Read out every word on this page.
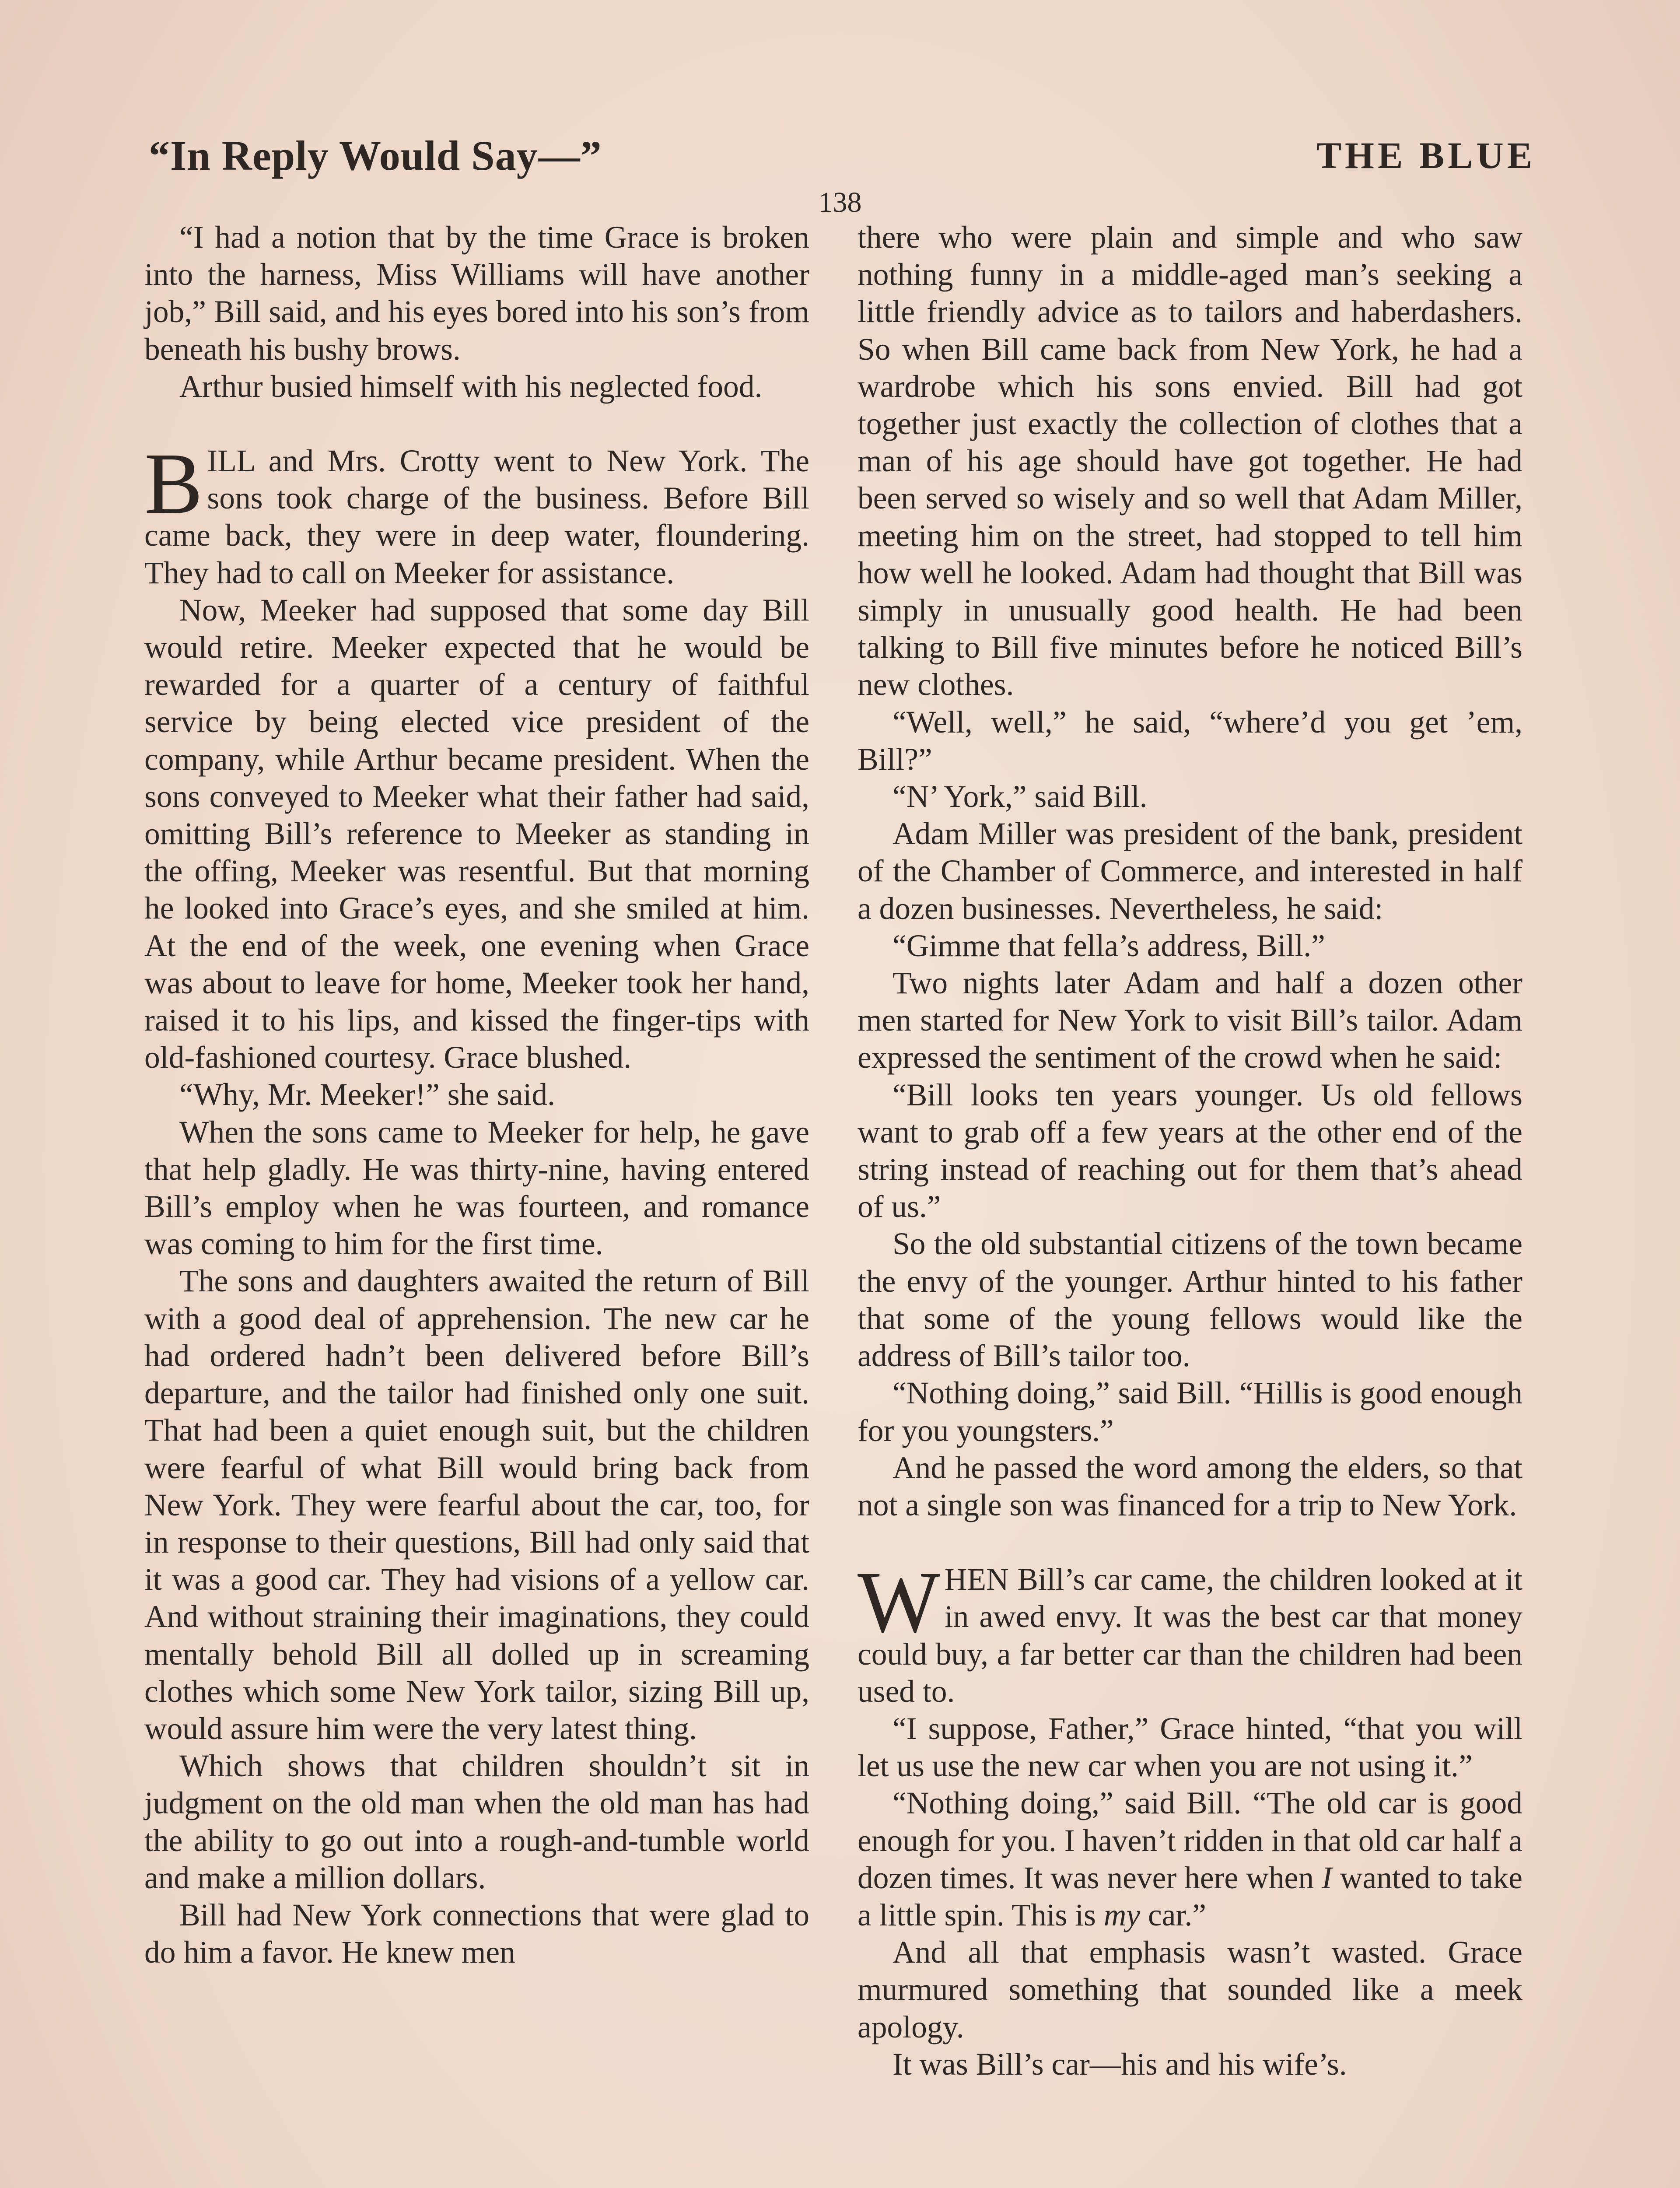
“In Reply Would Say—”	THE BLUE
138

“I had a notion that by the time Grace is broken into the harness, Miss Williams will have another job,” Bill said, and his eyes bored into his son’s from beneath his bushy brows.

Arthur busied himself with his neglected food.

BILL and Mrs. Crotty went to New York. The sons took charge of the business. Before Bill came back, they were in deep water, floundering. They had to call on Meeker for assistance.

Now, Meeker had supposed that some day Bill would retire. Meeker expected that he would be rewarded for a quarter of a century of faithful service by being elected vice president of the company, while Arthur became president. When the sons conveyed to Meeker what their father had said, omitting Bill’s reference to Meeker as standing in the offing, Meeker was resentful. But that morning he looked into Grace’s eyes, and she smiled at him. At the end of the week, one evening when Grace was about to leave for home, Meeker took her hand, raised it to his lips, and kissed the finger-tips with old-fashioned courtesy. Grace blushed.

“Why, Mr. Meeker!” she said.

When the sons came to Meeker for help, he gave that help gladly. He was thirty-nine, having entered Bill’s employ when he was fourteen, and romance was coming to him for the first time.

The sons and daughters awaited the return of Bill with a good deal of apprehension. The new car he had ordered hadn’t been delivered before Bill’s departure, and the tailor had finished only one suit. That had been a quiet enough suit, but the children were fearful of what Bill would bring back from New York. They were fearful about the car, too, for in response to their questions, Bill had only said that it was a good car. They had visions of a yellow car. And without straining their imaginations, they could mentally behold Bill all dolled up in screaming clothes which some New York tailor, sizing Bill up, would assure him were the very latest thing.

Which shows that children shouldn’t sit in judgment on the old man when the old man has had the ability to go out into a rough-and-tumble world and make a million dollars.

Bill had New York connections that were glad to do him a favor. He knew men

there who were plain and simple and who saw nothing funny in a middle-aged man’s seeking a little friendly advice as to tailors and haberdashers. So when Bill came back from New York, he had a wardrobe which his sons envied. Bill had got together just exactly the collection of clothes that a man of his age should have got together. He had been served so wisely and so well that Adam Miller, meeting him on the street, had stopped to tell him how well he looked. Adam had thought that Bill was simply in unusually good health. He had been talking to Bill five minutes before he noticed Bill’s new clothes.

“Well, well,” he said, “where’d you get ’em, Bill?”

“N’ York,” said Bill.

Adam Miller was president of the bank, president of the Chamber of Commerce, and interested in half a dozen businesses. Nevertheless, he said:

“Gimme that fella’s address, Bill.”

Two nights later Adam and half a dozen other men started for New York to visit Bill’s tailor. Adam expressed the sentiment of the crowd when he said:

“Bill looks ten years younger. Us old fellows want to grab off a few years at the other end of the string instead of reaching out for them that’s ahead of us.”

So the old substantial citizens of the town became the envy of the younger. Arthur hinted to his father that some of the young fellows would like the address of Bill’s tailor too.

“Nothing doing,” said Bill. “Hillis is good enough for you youngsters.”

And he passed the word among the elders, so that not a single son was financed for a trip to New York.

WHEN Bill’s car came, the children looked at it in awed envy. It was the best car that money could buy, a far better car than the children had been used to.

“I suppose, Father,” Grace hinted, “that you will let us use the new car when you are not using it.”

“Nothing doing,” said Bill. “The old car is good enough for you. I haven’t ridden in that old car half a dozen times. It was never here when I wanted to take a little spin. This is my car.”

And all that emphasis wasn’t wasted. Grace murmured something that sounded like a meek apology.

It was Bill’s car—his and his wife’s.
